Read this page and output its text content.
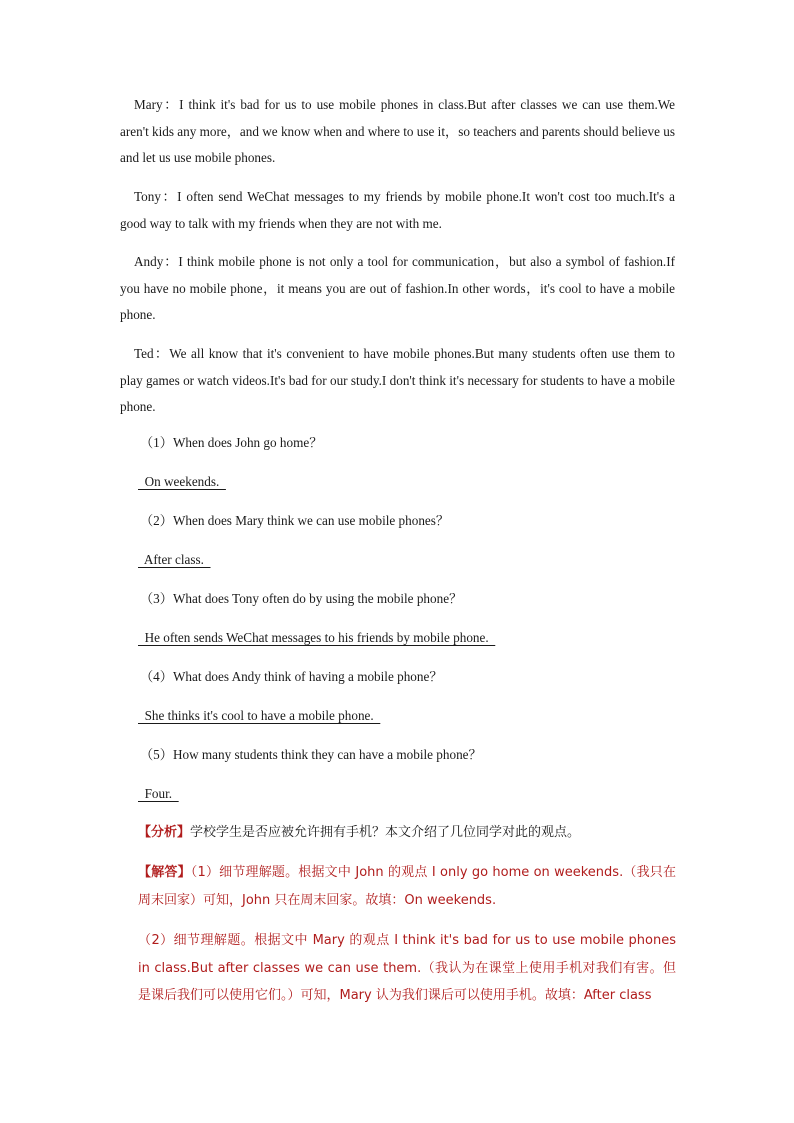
Mary：I think it's bad for us to use mobile phones in class.But after classes we can use them.We aren't kids any more，and we know when and where to use it，so teachers and parents should believe us and let us use mobile phones.

Tony：I often send WeChat messages to my friends by mobile phone.It won't cost too much.It's a good way to talk with my friends when they are not with me.

Andy：I think mobile phone is not only a tool for communication，but also a symbol of fashion.If you have no mobile phone，it means you are out of fashion.In other words，it's cool to have a mobile phone.

Ted：We all know that it's convenient to have mobile phones.But many students often use them to play games or watch videos.It's bad for our study.I don't think it's necessary for students to have a mobile phone.

（1）When does John go home？

On weekends.

（2）When does Mary think we can use mobile phones？

After class.

（3）What does Tony often do by using the mobile phone？

He often sends WeChat messages to his friends by mobile phone.

（4）What does Andy think of having a mobile phone？

She thinks it's cool to have a mobile phone.

（5）How many students think they can have a mobile phone？

Four.

【分析】学校学生是否应被允许拥有手机？本文介绍了几位同学对此的观点。

【解答】（1）细节理解题。根据文中 John 的观点 I only go home on weekends.（我只在周末回家）可知，John 只在周末回家。故填：On weekends.

（2）细节理解题。根据文中 Mary 的观点 I think it's bad for us to use mobile phones in class.But after classes we can use them.（我认为在课堂上使用手机对我们有害。但是课后我们可以使用它们。）可知，Mary 认为我们课后可以使用手机。故填：After class
